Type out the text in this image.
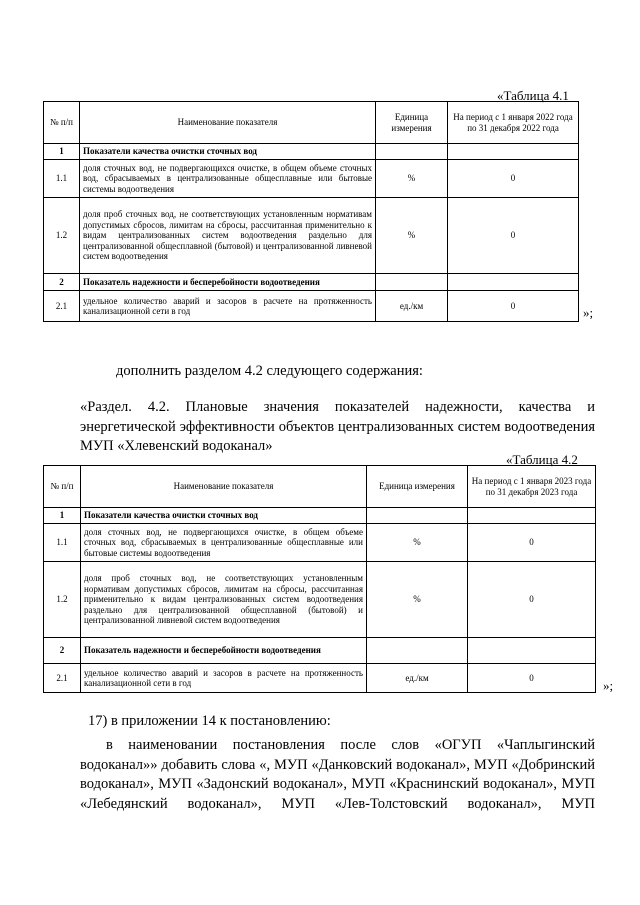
«Таблица 4.1
№ п/п	Наименование показателя	Единица измерения	На период с 1 января 2022 года по 31 декабря 2022 года
1	Показатели качества очистки сточных вод		
1.1	доля сточных вод, не подвергающихся очистке, в общем объеме сточных вод, сбрасываемых в централизованные общесплавные или бытовые системы водоотведения	%	0
1.2	доля проб сточных вод, не соответствующих установленным нормативам допустимых сбросов, лимитам на сбросы, рассчитанная применительно к видам централизованных систем водоотведения раздельно для централизованной общесплавной (бытовой) и централизованной ливневой систем водоотведения	%	0
2	Показатель надежности и бесперебойности водоотведения		
2.1	удельное количество аварий и засоров в расчете на протяженность канализационной сети в год	ед./км	0	»;
дополнить разделом 4.2 следующего содержания:
«Раздел. 4.2. Плановые значения показателей надежности, качества и
энергетической эффективности объектов централизованных систем водоотведения
МУП «Хлевенский водоканал»
«Таблица 4.2
№ п/п	Наименование показателя	Единица измерения	На период с 1 января 2023 года по 31 декабря 2023 года
1	Показатели качества очистки сточных вод		
1.1	доля сточных вод, не подвергающихся очистке, в общем объеме сточных вод, сбрасываемых в централизованные общесплавные или бытовые системы водоотведения	%	0
1.2	доля проб сточных вод, не соответствующих установленным нормативам допустимых сбросов, лимитам на сбросы, рассчитанная применительно к видам централизованных систем водоотведения раздельно для централизованной общесплавной (бытовой) и централизованной ливневой систем водоотведения	%	0
2	Показатель надежности и бесперебойности водоотведения		
2.1	удельное количество аварий и засоров в расчете на протяженность канализационной сети в год	ед./км	0
»;
17) в приложении 14 к постановлению:
в наименовании постановления после слов «ОГУП «Чаплыгинский
водоканал»» добавить слова «, МУП «Данковский водоканал», МУП «Добринский
водоканал», МУП «Задонский водоканал», МУП «Краснинский водоканал», МУП
«Лебедянский водоканал», МУП «Лев-Толстовский водоканал», МУП
